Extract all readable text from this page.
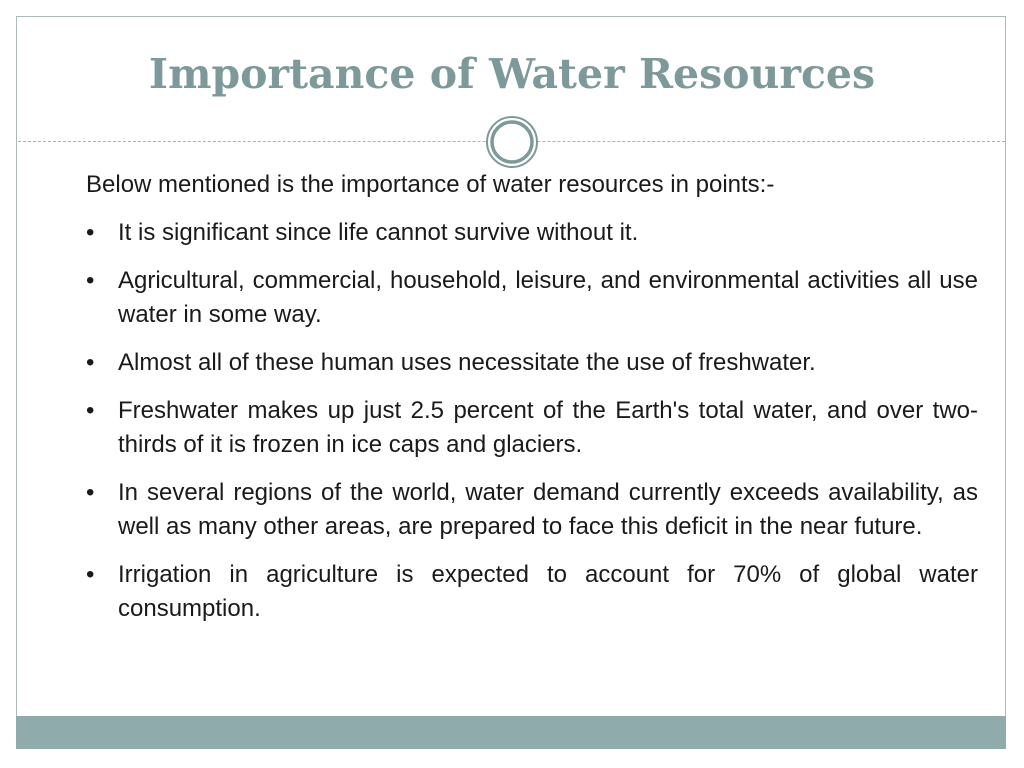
Importance of Water Resources

Below mentioned is the importance of water resources in points:-

• It is significant since life cannot survive without it.
• Agricultural, commercial, household, leisure, and environmental activities all use water in some way.
• Almost all of these human uses necessitate the use of freshwater.
• Freshwater makes up just 2.5 percent of the Earth's total water, and over two-thirds of it is frozen in ice caps and glaciers.
• In several regions of the world, water demand currently exceeds availability, as well as many other areas, are prepared to face this deficit in the near future.
• Irrigation in agriculture is expected to account for 70% of global water consumption.
